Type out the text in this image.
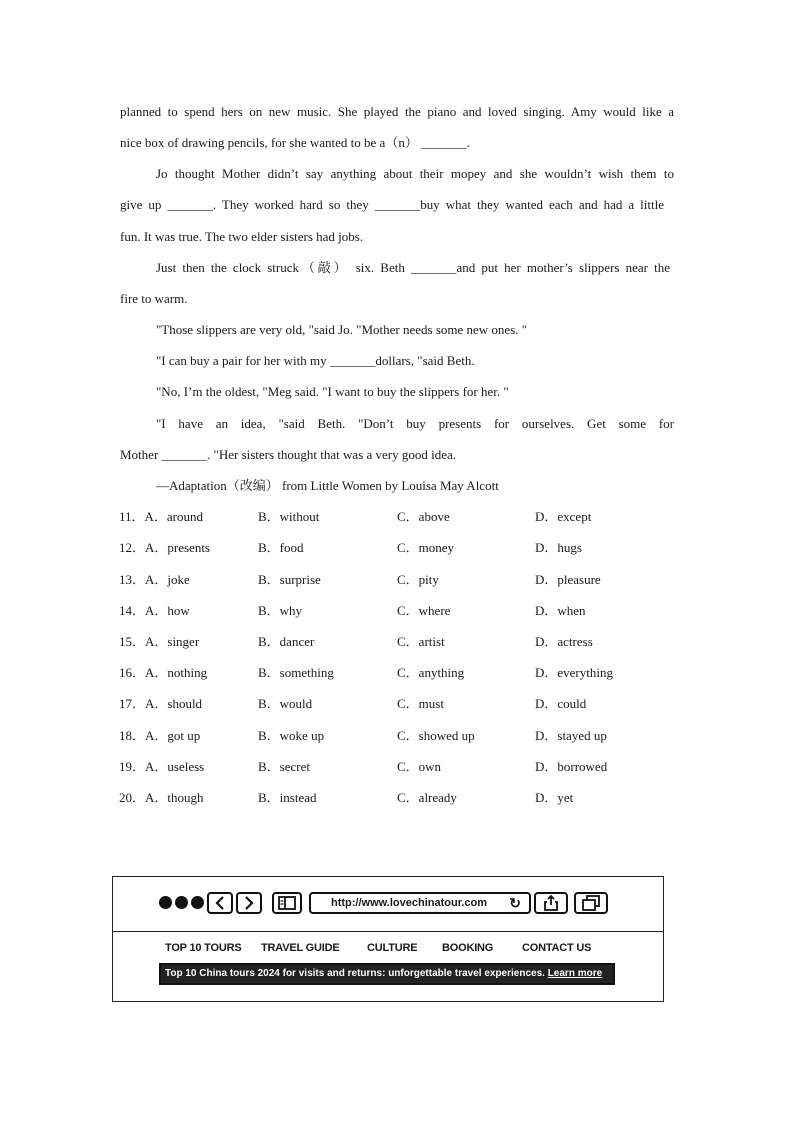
planned to spend hers on new music. She played the piano and loved singing. Amy would like a
nice box of drawing pencils, for she wanted to be a（n） _______.
Jo thought Mother didn’t say anything about their mopey and she wouldn’t wish them to
give up _______. They worked hard so they _______buy what they wanted each and had a little
fun. It was true. The two elder sisters had jobs.
Just then the clock struck（敲） six. Beth _______and put her mother’s slippers near the
fire to warm.
"Those slippers are very old, "said Jo. "Mother needs some new ones. "
"I can buy a pair for her with my _______dollars, "said Beth.
"No, I’m the oldest, "Meg said. "I want to buy the slippers for her. "
"I have an idea, "said Beth. "Don’t buy presents for ourselves. Get some for
Mother _______. "Her sisters thought that was a very good idea.
—Adaptation（改编） from Little Women by Louisa May Alcott
11．A．around	B．without	C．above	D．except
12．A．presents	B．food	C．money	D．hugs
13．A．joke	B．surprise	C．pity	D．pleasure
14．A．how	B．why	C．where	D．when
15．A．singer	B．dancer	C．artist	D．actress
16．A．nothing	B．something	C．anything	D．everything
17．A．should	B．would	C．must	D．could
18．A．got up	B．woke up	C．showed up	D．stayed up
19．A．useless	B．secret	C．own	D．borrowed
20．A．though	B．instead	C．already	D．yet
http://www.lovechinatour.com ↻
TOP 10 TOURS TRAVEL GUIDE	CULTURE BOOKING	CONTACT US
Top 10 China tours 2024 for visits and returns: unforgettable travel experiences. Learn more
